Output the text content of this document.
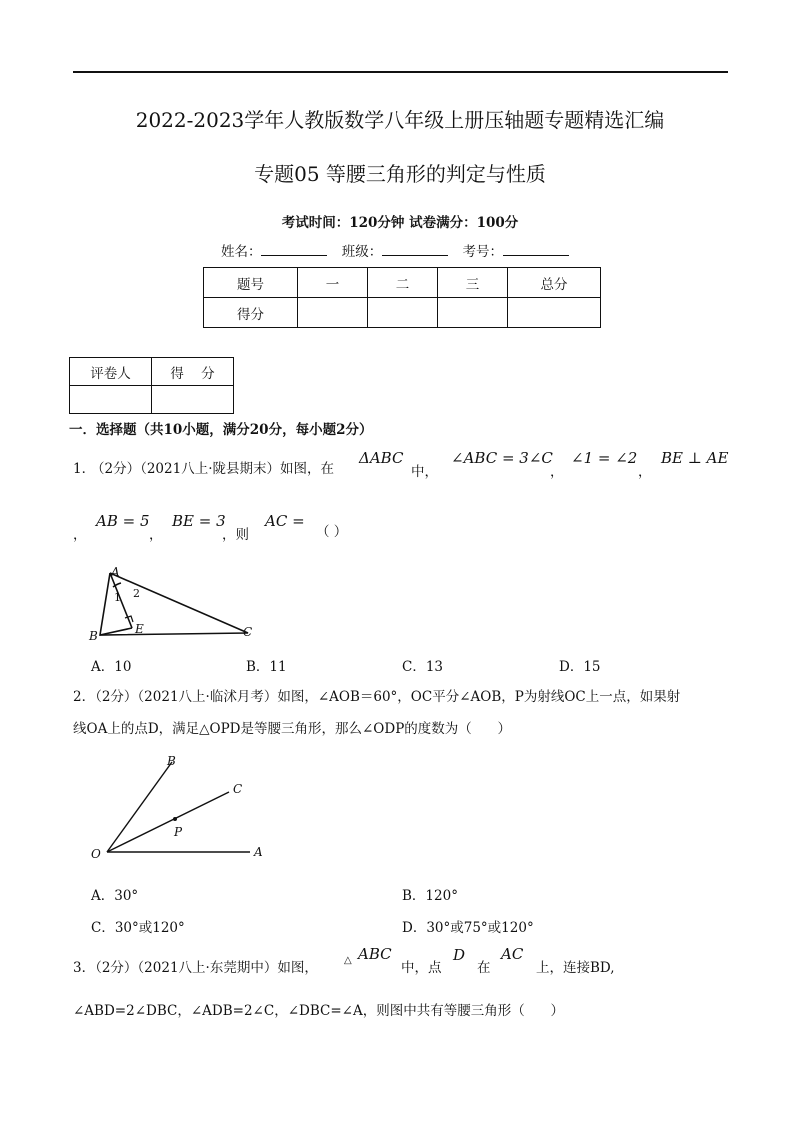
2022-2023学年人教版数学八年级上册压轴题专题精选汇编
专题05 等腰三角形的判定与性质
考试时间：120分钟 试卷满分：100分
姓名：	班级：	考号：
题号	一	二	三	总分
得分				
评卷人	得    分

一．选择题（共10小题，满分20分，每小题2分）
1．
（2分）（2021八上·陇县期末）如图，在
ΔABC
中，
∠ABC = 3∠C
，
∠1 = ∠2
，
BE ⊥ AE
，
AB = 5
，
BE = 3
，则
AC =
（ ）
A
B	C
E
1 2
A．10	B．11	C．13	D．15
2．（2分）（2021八上·临沭月考）如图，∠AOB＝60°，OC平分∠AOB，P为射线OC上一点，如果射
线OA上的点D，满足△OPD是等腰三角形，那么∠ODP的度数为（      ）
O	A
B
C
P
A．30°	B．120°
C．30°或120°	D．30°或75°或120°
3．（2分）（2021八上·东莞期中）如图，	△ ABC
中，点
D
在
AC
上，连接BD,
∠ABD=2∠DBC，∠ADB=2∠C，∠DBC=∠A，则图中共有等腰三角形（      ）
